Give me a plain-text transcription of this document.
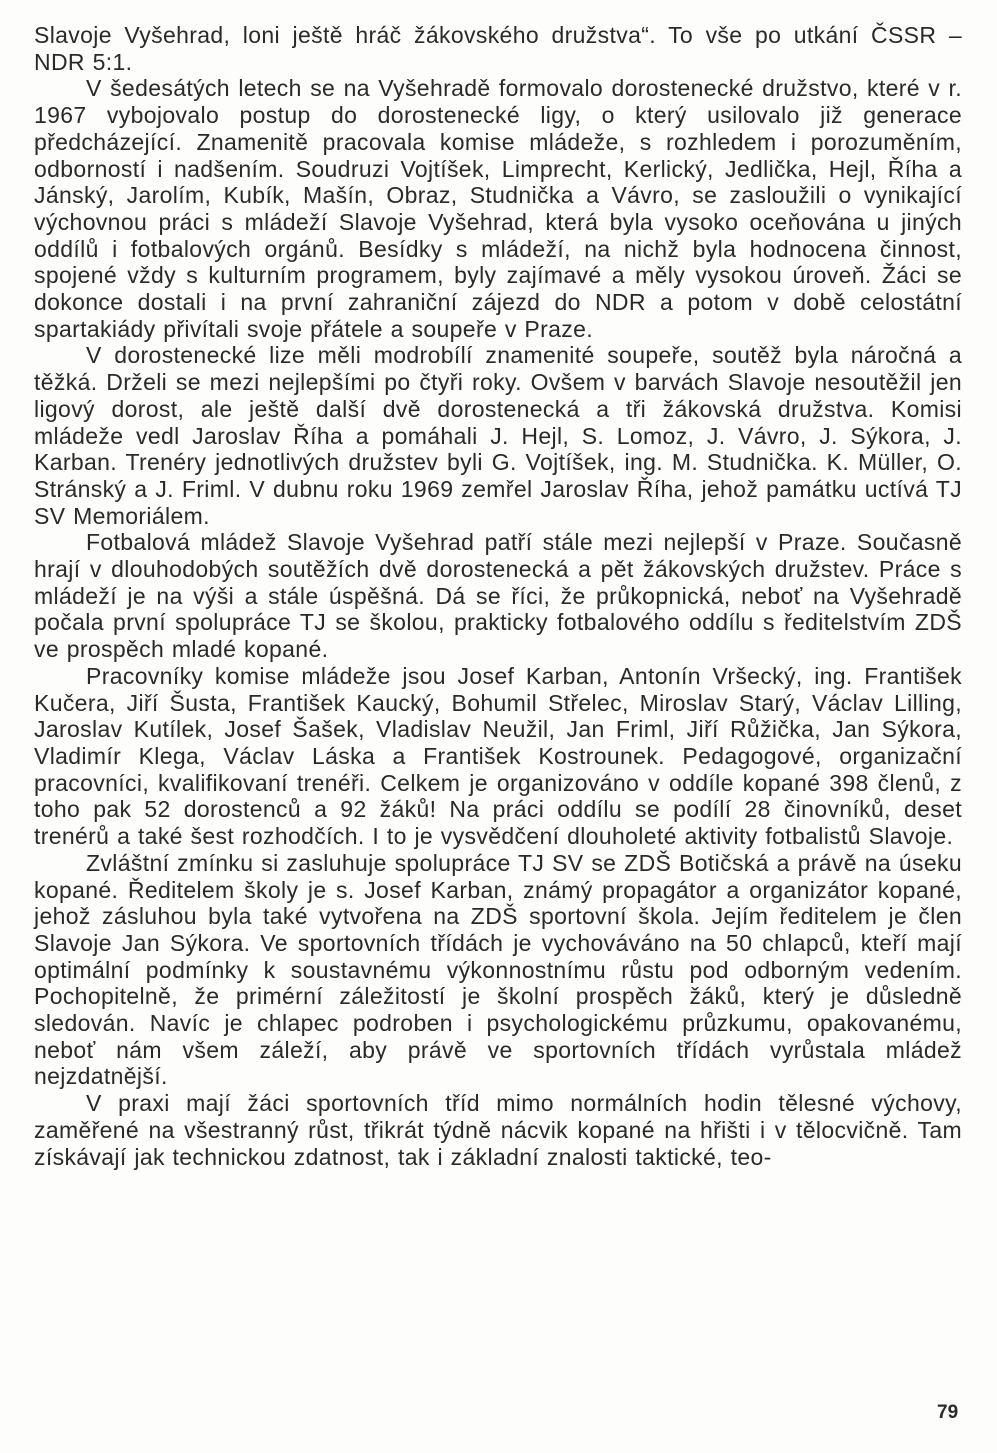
Slavoje Vyšehrad, loni ještě hráč žákovského družstva“. To vše po utkání ČSSR – NDR 5:1.

V šedesátých letech se na Vyšehradě formovalo dorostenecké družstvo, které v r. 1967 vybojovalo postup do dorostenecké ligy, o který usilovalo již generace předcházející. Znamenitě pracovala komise mládeže, s rozhledem i porozuměním, odborností i nadšením. Soudruzi Vojtíšek, Limprecht, Kerlický, Jedlička, Hejl, Říha a Jánský, Jarolím, Kubík, Mašín, Obraz, Studnička a Vávro, se zasloužili o vynikající výchovnou práci s mládeží Slavoje Vyšehrad, která byla vysoko oceňována u jiných oddílů i fotbalových orgánů. Besídky s mládeží, na nichž byla hodnocena činnost, spojené vždy s kulturním programem, byly zajímavé a měly vysokou úroveň. Žáci se dokonce dostali i na první zahraniční zájezd do NDR a potom v době celostátní spartakiády přivítali svoje přátele a soupeře v Praze.

V dorostenecké lize měli modrobílí znamenité soupeře, soutěž byla náročná a těžká. Drželi se mezi nejlepšími po čtyři roky. Ovšem v barvách Slavoje nesoutěžil jen ligový dorost, ale ještě další dvě dorostenecká a tři žákovská družstva. Komisi mládeže vedl Jaroslav Říha a pomáhali J. Hejl, S. Lomoz, J. Vávro, J. Sýkora, J. Karban. Trenéry jednotlivých družstev byli G. Vojtíšek, ing. M. Studnička. K. Müller, O. Stránský a J. Friml. V dubnu roku 1969 zemřel Jaroslav Říha, jehož památku uctívá TJ SV Memoriálem.

Fotbalová mládež Slavoje Vyšehrad patří stále mezi nejlepší v Praze. Současně hrají v dlouhodobých soutěžích dvě dorostenecká a pět žákovských družstev. Práce s mládeží je na výši a stále úspěšná. Dá se říci, že průkopnická, neboť na Vyšehradě počala první spolupráce TJ se školou, prakticky fotbalového oddílu s ředitelstvím ZDŠ ve prospěch mladé kopané.

Pracovníky komise mládeže jsou Josef Karban, Antonín Vršecký, ing. František Kučera, Jiří Šusta, František Kaucký, Bohumil Střelec, Miroslav Starý, Václav Lilling, Jaroslav Kutílek, Josef Šašek, Vladislav Neužil, Jan Friml, Jiří Růžička, Jan Sýkora, Vladimír Klega, Václav Láska a František Kostrounek. Pedagogové, organizační pracovníci, kvalifikovaní trenéři. Celkem je organizováno v oddíle kopané 398 členů, z toho pak 52 dorostenců a 92 žáků! Na práci oddílu se podílí 28 činovníků, deset trenérů a také šest rozhodčích. I to je vysvědčení dlouholeté aktivity fotbalistů Slavoje.

Zvláštní zmínku si zasluhuje spolupráce TJ SV se ZDŠ Botičská a právě na úseku kopané. Ředitelem školy je s. Josef Karban, známý propagátor a organizátor kopané, jehož zásluhou byla také vytvořena na ZDŠ sportovní škola. Jejím ředitelem je člen Slavoje Jan Sýkora. Ve sportovních třídách je vychováváno na 50 chlapců, kteří mají optimální podmínky k soustavnému výkonnostnímu růstu pod odborným vedením. Pochopitelně, že primérní záležitostí je školní prospěch žáků, který je důsledně sledován. Navíc je chlapec podroben i psychologickému průzkumu, opakovanému, neboť nám všem záleží, aby právě ve sportovních třídách vyrůstala mládež nejzdatnější.

V praxi mají žáci sportovních tříd mimo normálních hodin tělesné výchovy, zaměřené na všestranný růst, třikrát týdně nácvik kopané na hřišti i v tělocvičně. Tam získávají jak technickou zdatnost, tak i základní znalosti taktické, teo-

79
